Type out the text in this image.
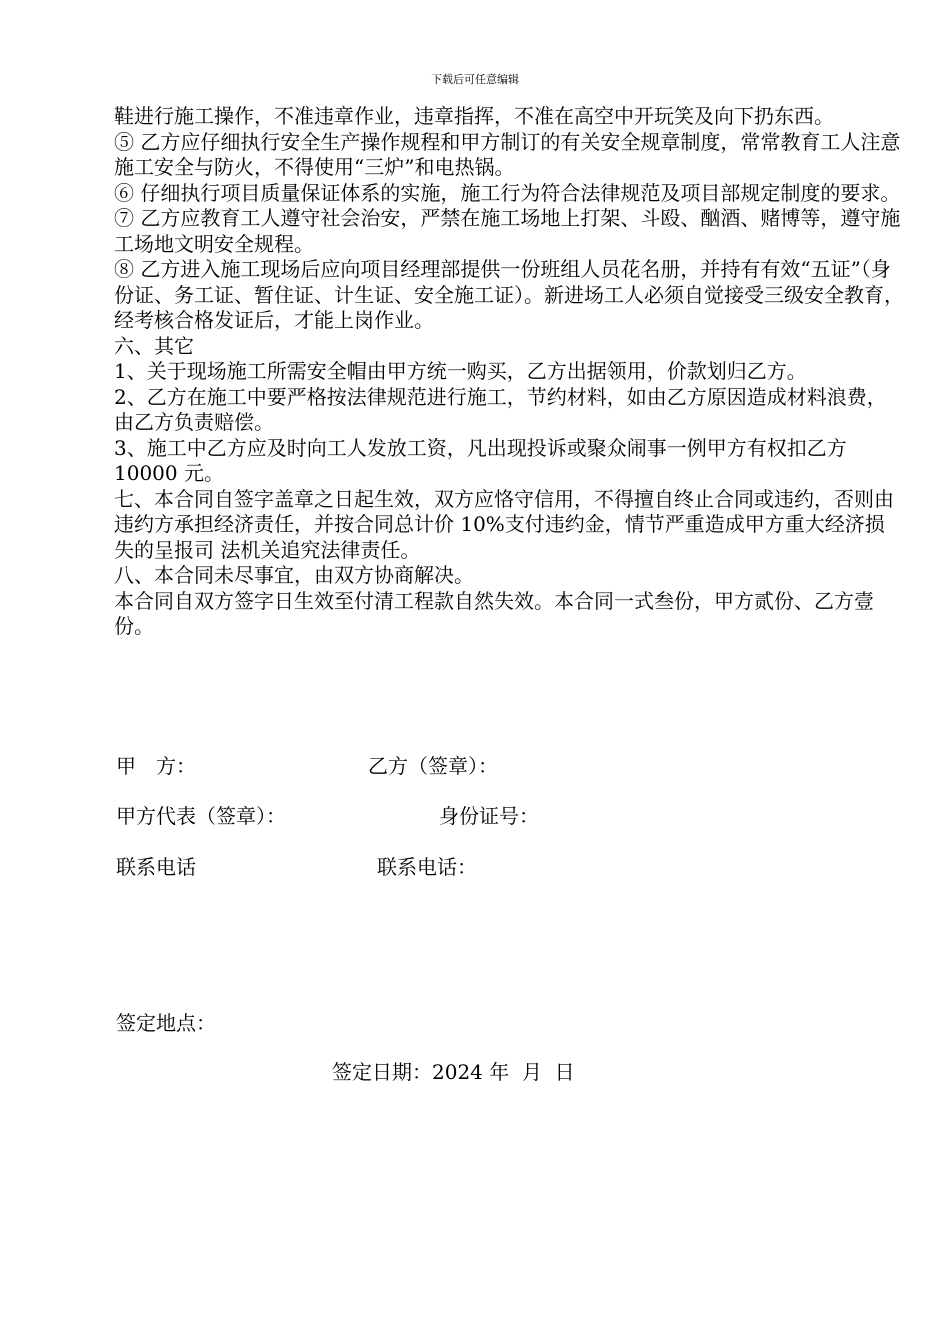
下载后可任意编辑

鞋进行施工操作，不准违章作业，违章指挥，不准在高空中开玩笑及向下扔东西。

⑤ 乙方应仔细执行安全生产操作规程和甲方制订的有关安全规章制度，常常教育工人注意施工安全与防火，不得使用“三炉”和电热锅。

⑥ 仔细执行项目质量保证体系的实施，施工行为符合法律规范及项目部规定制度的要求。

⑦ 乙方应教育工人遵守社会治安，严禁在施工场地上打架、斗殴、酗酒、赌博等，遵守施工场地文明安全规程。

⑧ 乙方进入施工现场后应向项目经理部提供一份班组人员花名册，并持有有效“五证”（身份证、务工证、暂住证、计生证、安全施工证）。新进场工人必须自觉接受三级安全教育，经考核合格发证后，才能上岗作业。

六、其它

1、关于现场施工所需安全帽由甲方统一购买，乙方出据领用，价款划归乙方。

2、乙方在施工中要严格按法律规范进行施工，节约材料，如由乙方原因造成材料浪费，由乙方负责赔偿。

3、施工中乙方应及时向工人发放工资，凡出现投诉或聚众闹事一例甲方有权扣乙方 10000 元。

七、本合同自签字盖章之日起生效，双方应恪守信用，不得擅自终止合同或违约，否则由违约方承担经济责任，并按合同总计价 10%支付违约金，情节严重造成甲方重大经济损失的呈报司 法机关追究法律责任。

八、本合同未尽事宜，由双方协商解决。

本合同自双方签字日生效至付清工程款自然失效。本合同一式叁份，甲方贰份、乙方壹份。

甲　方：	乙方（签章）：
甲方代表（签章）：	身份证号：
联系电话	联系电话：
签定地点：
签定日期：2024 年  月  日
